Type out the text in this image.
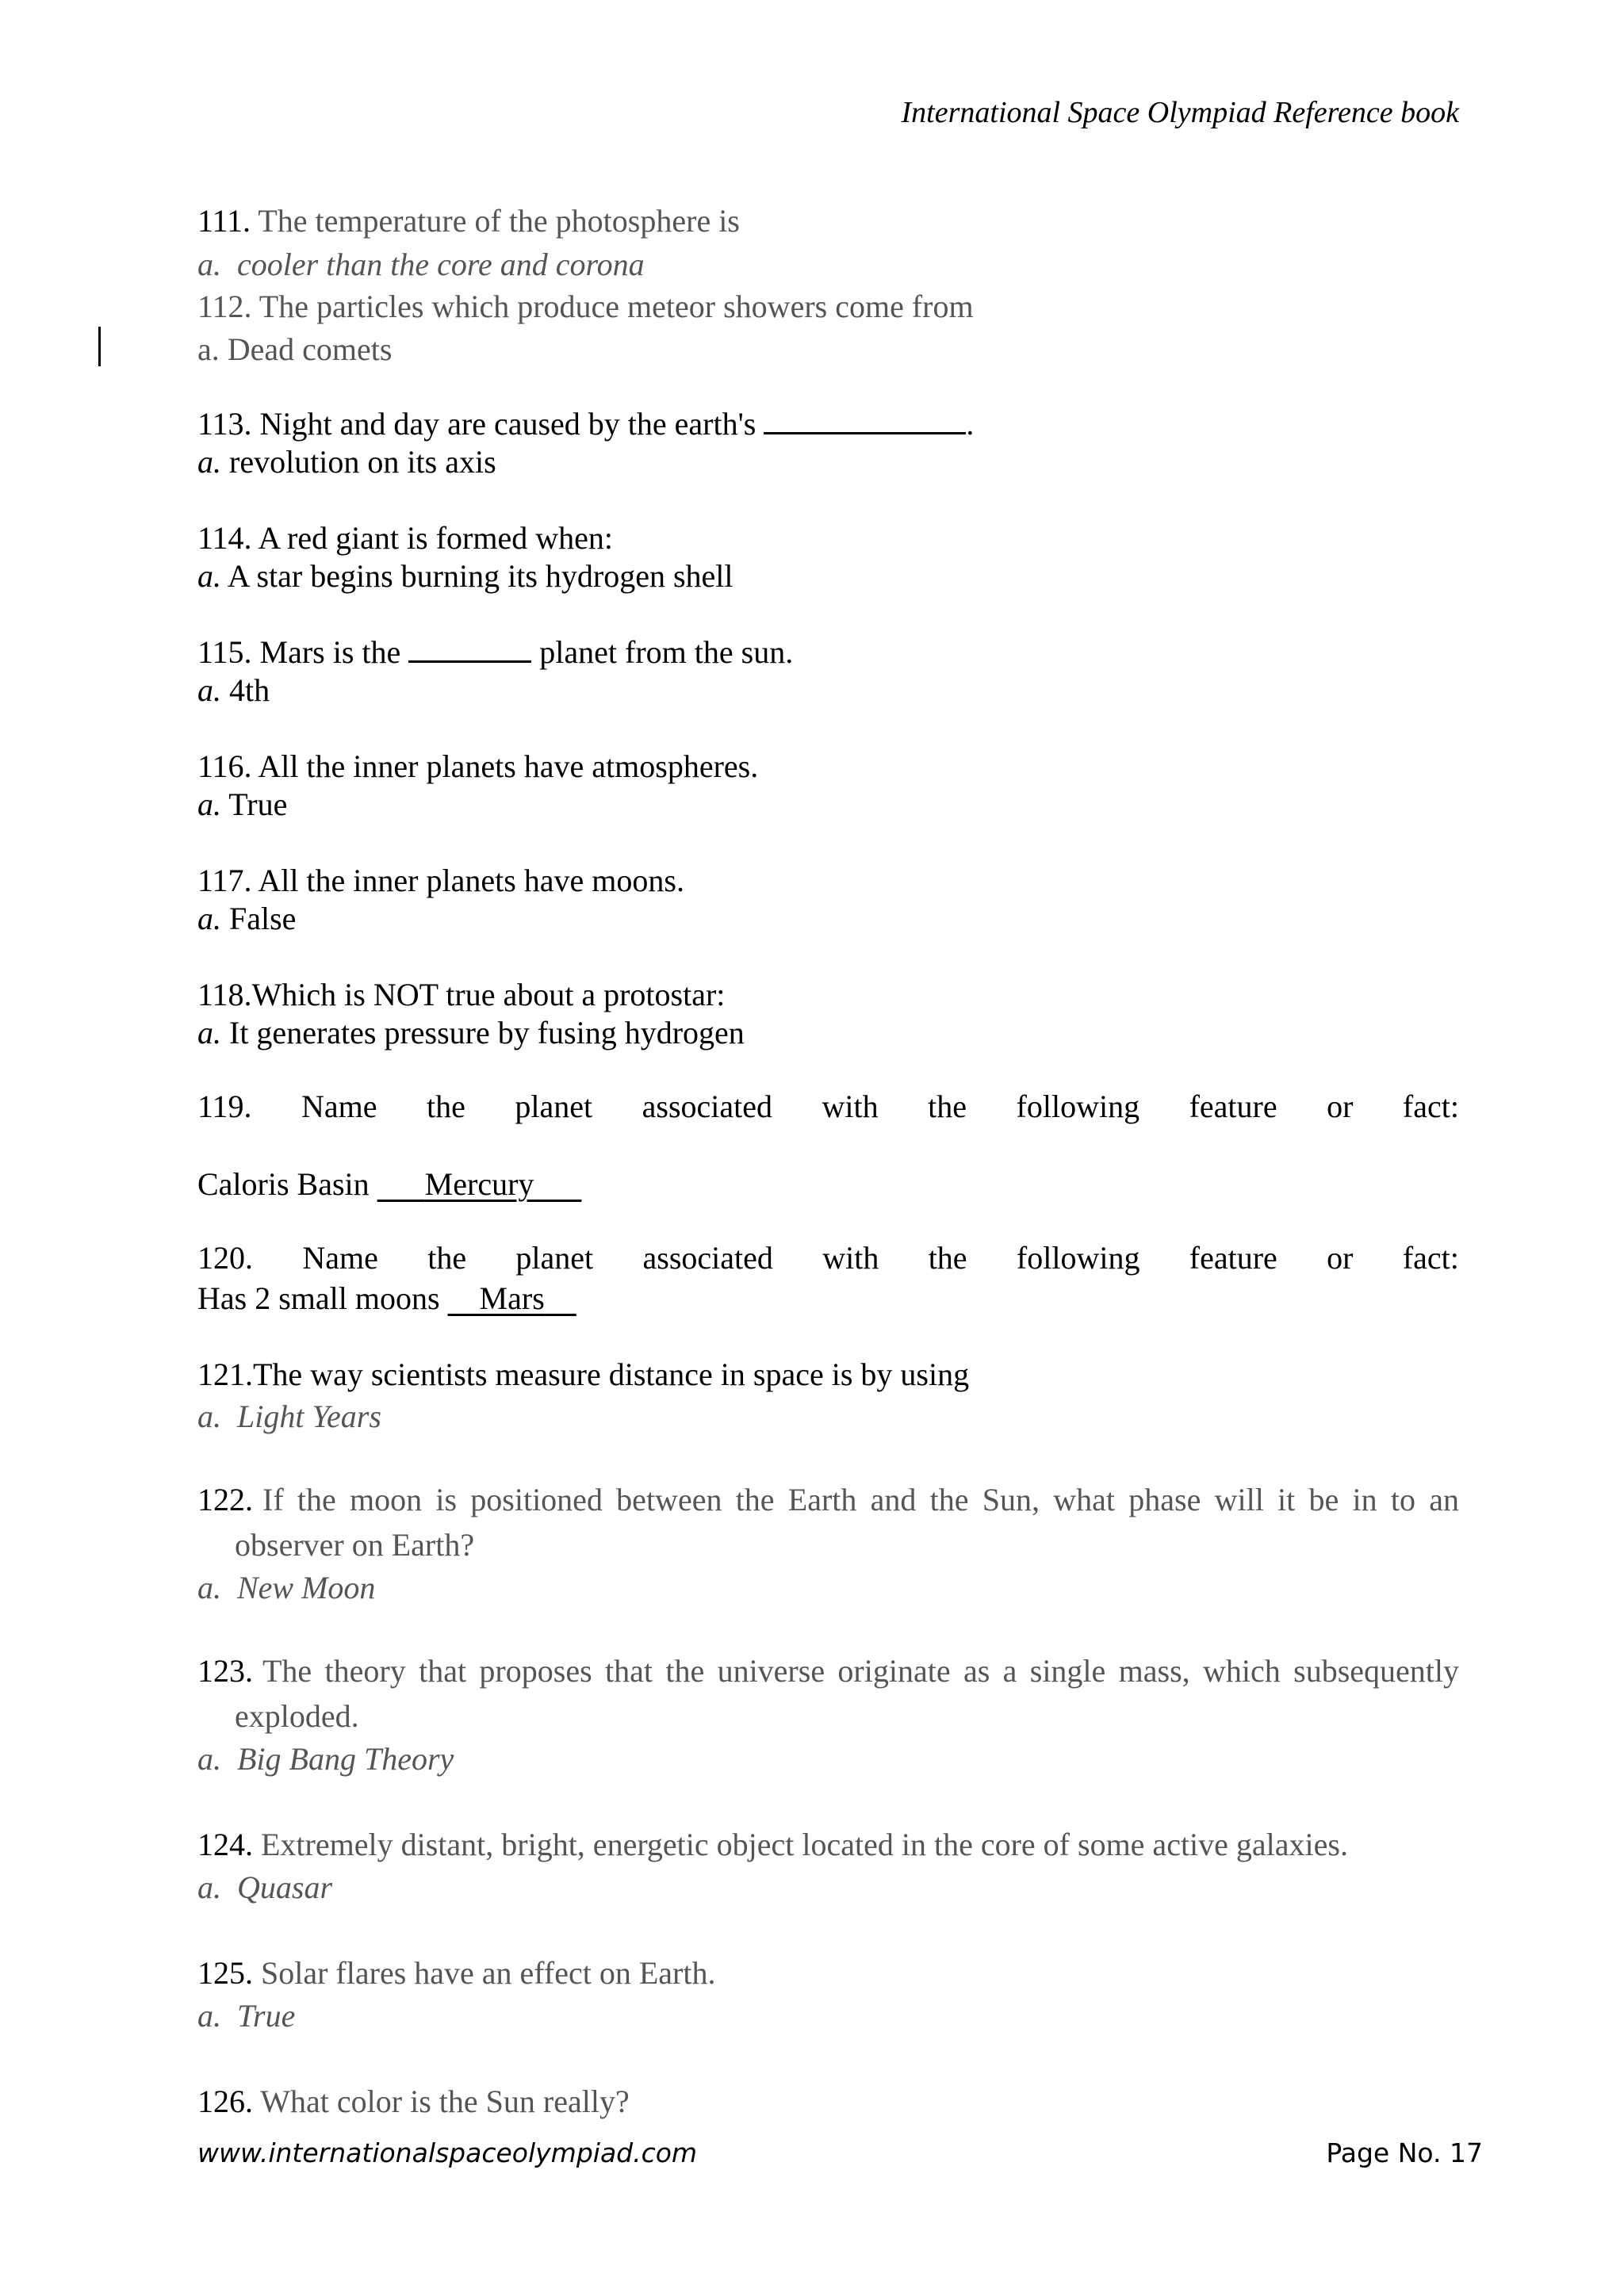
International Space Olympiad Reference book
111. The temperature of the photosphere is
a. cooler than the core and corona
112. The particles which produce meteor showers come from
a. Dead comets
113. Night and day are caused by the earth's	.
a. revolution on its axis
114. A red giant is formed when:
a. A star begins burning its hydrogen shell
115. Mars is the	planet from the sun.
a. 4th
116. All the inner planets have atmospheres.
a. True
117. All the inner planets have moons.
a. False
118.Which is NOT true about a protostar:
a. It generates pressure by fusing hydrogen
119. Name the planet associated with the following feature or fact:
Caloris Basin Mercury
120. Name the planet associated with the following feature or fact:
Has 2 small moons Mars
121.The way scientists measure distance in space is by using
a. Light Years
122. If the moon is positioned between the Earth and the Sun, what phase will it be in to an
observer on Earth?
a. New Moon
123. The theory that proposes that the universe originate as a single mass, which subsequently
exploded.
a. Big Bang Theory
124. Extremely distant, bright, energetic object located in the core of some active galaxies.
a. Quasar
125. Solar flares have an effect on Earth.
a. True
126. What color is the Sun really?
www.internationalspaceolympiad.com	Page No. 17
